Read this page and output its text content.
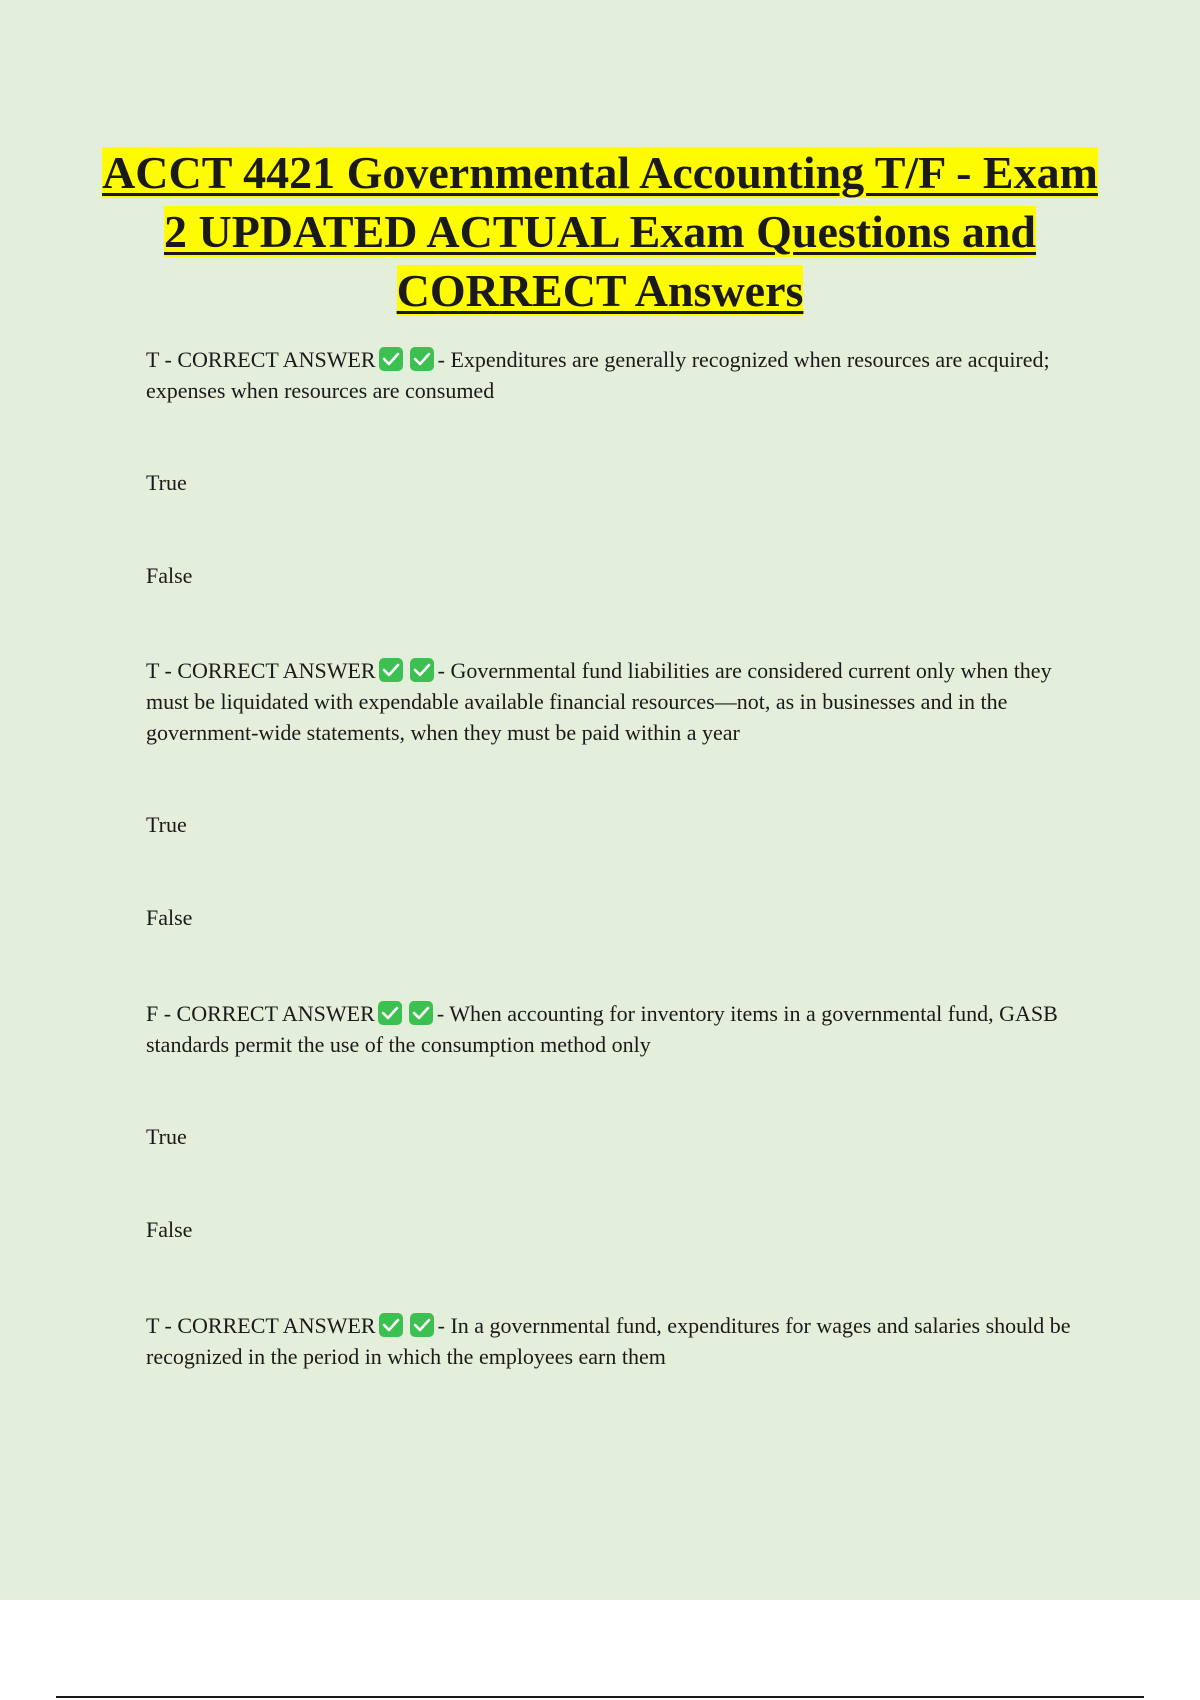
ACCT 4421 Governmental Accounting T/F - Exam 2 UPDATED ACTUAL Exam Questions and CORRECT Answers

T - CORRECT ANSWER	- Expenditures are generally recognized when resources are acquired; expenses when resources are consumed

True

False

T - CORRECT ANSWER	- Governmental fund liabilities are considered current only when they must be liquidated with expendable available financial resources—not, as in businesses and in the government-wide statements, when they must be paid within a year

True

False

F - CORRECT ANSWER	- When accounting for inventory items in a governmental fund, GASB standards permit the use of the consumption method only

True

False

T - CORRECT ANSWER	- In a governmental fund, expenditures for wages and salaries should be recognized in the period in which the employees earn them
